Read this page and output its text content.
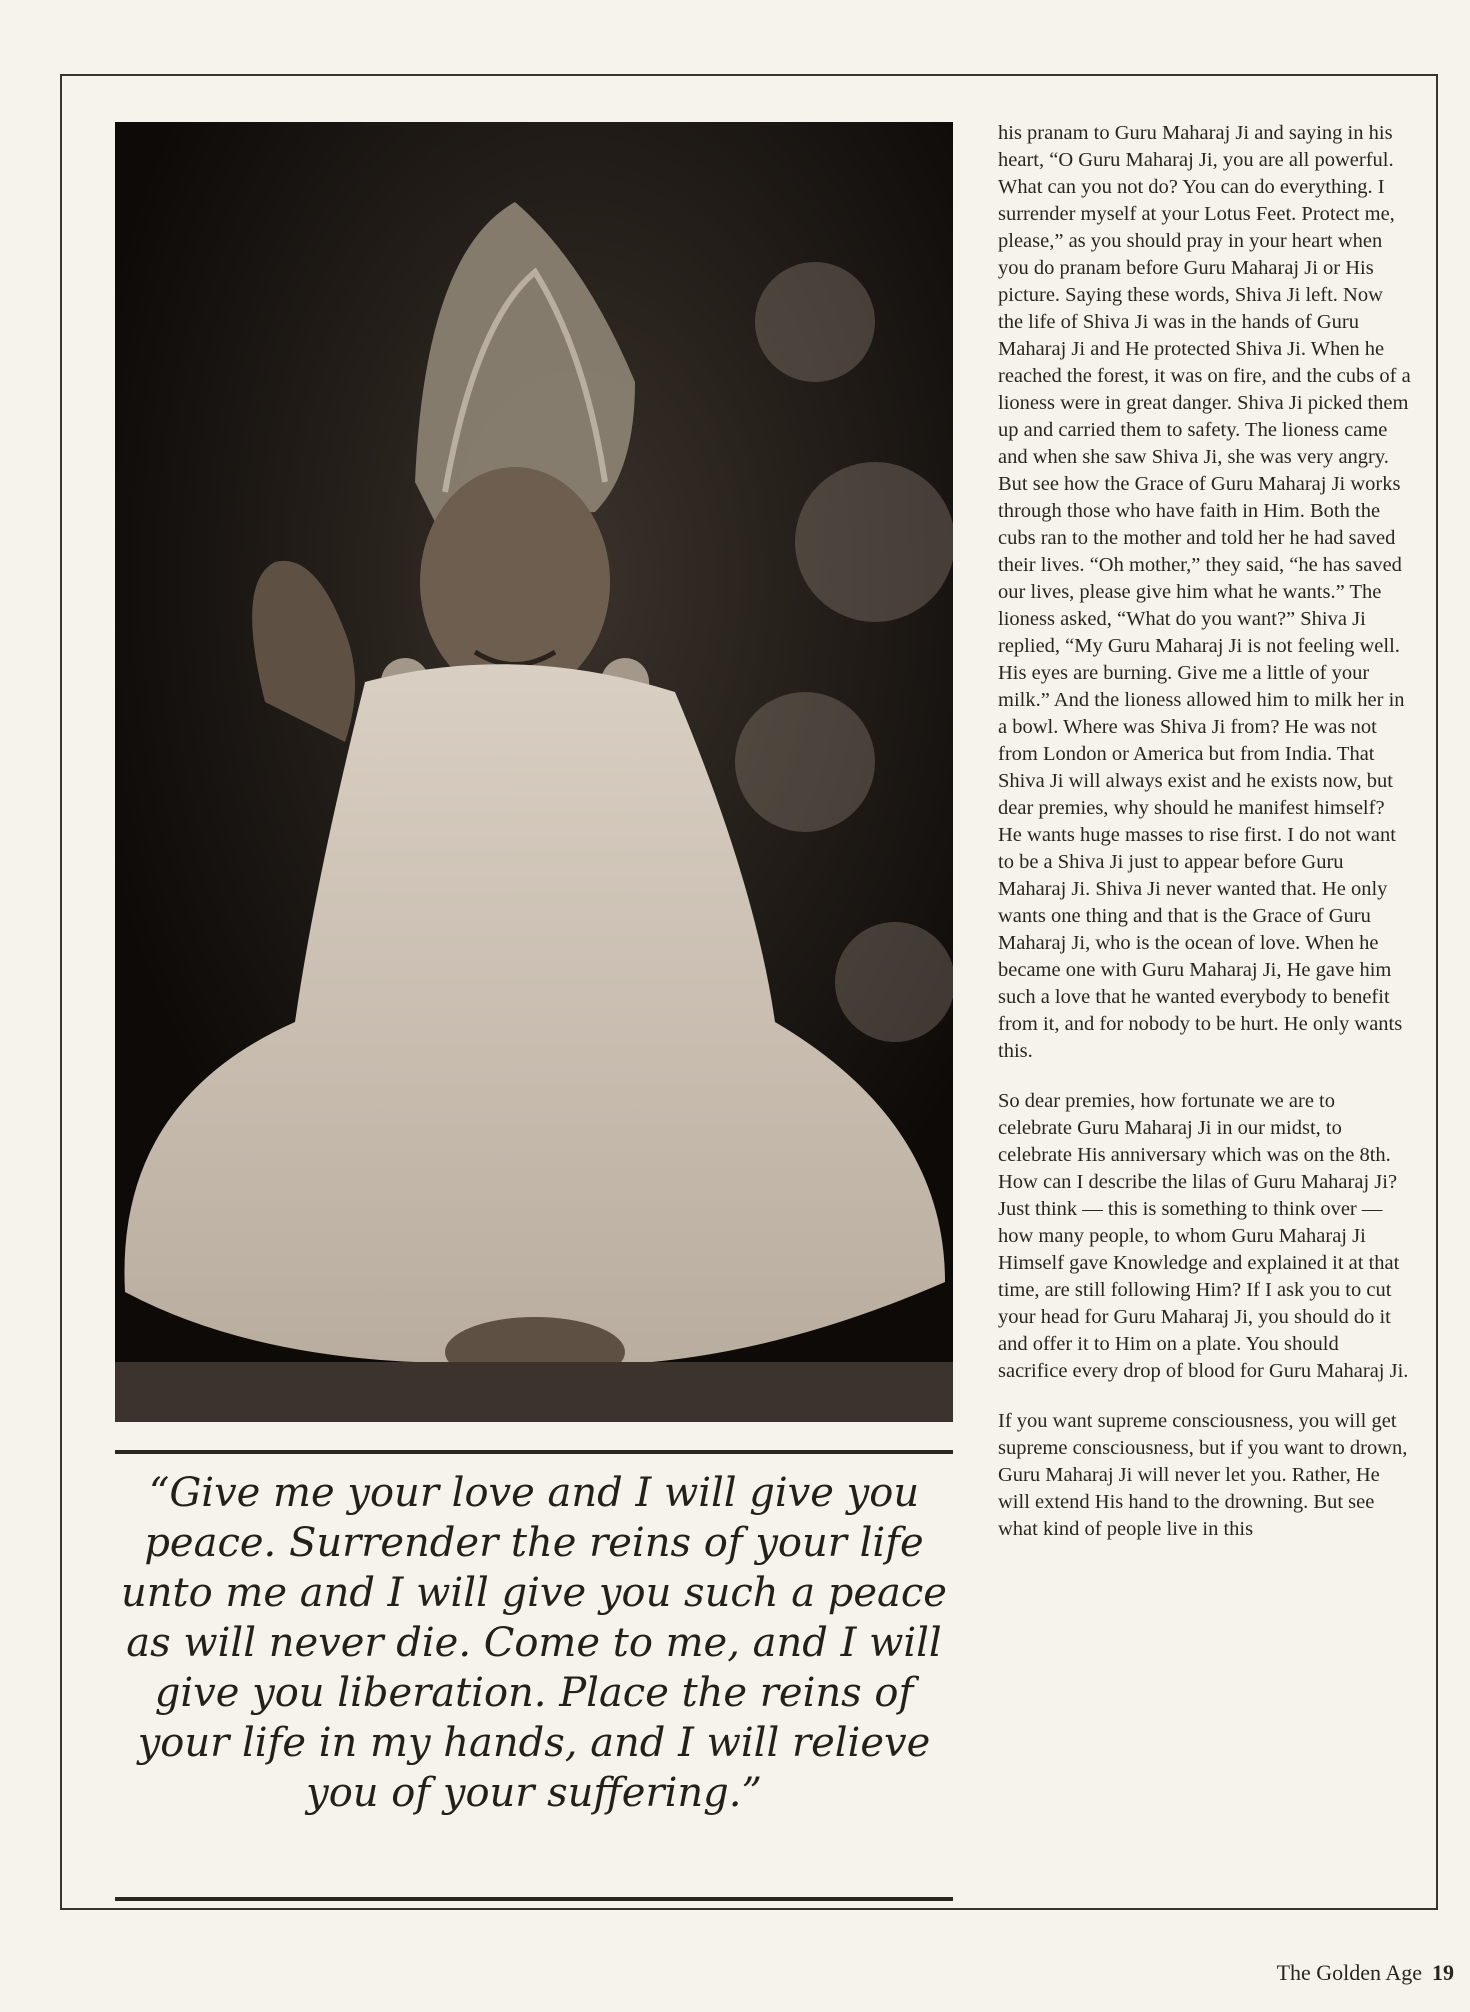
“Give me your love and I will give you peace. Surrender the reins of your life unto me and I will give you such a peace as will never die. Come to me, and I will give you liberation. Place the reins of your life in my hands, and I will relieve you of your suffering.”

his pranam to Guru Maharaj Ji and saying in his heart, “O Guru Maharaj Ji, you are all powerful. What can you not do? You can do everything. I surrender myself at your Lotus Feet. Protect me, please,” as you should pray in your heart when you do pranam before Guru Maharaj Ji or His picture. Saying these words, Shiva Ji left. Now the life of Shiva Ji was in the hands of Guru Maharaj Ji and He protected Shiva Ji. When he reached the forest, it was on fire, and the cubs of a lioness were in great danger. Shiva Ji picked them up and carried them to safety. The lioness came and when she saw Shiva Ji, she was very angry. But see how the Grace of Guru Maharaj Ji works through those who have faith in Him. Both the cubs ran to the mother and told her he had saved their lives. “Oh mother,” they said, “he has saved our lives, please give him what he wants.” The lioness asked, “What do you want?” Shiva Ji replied, “My Guru Maharaj Ji is not feeling well. His eyes are burning. Give me a little of your milk.” And the lioness allowed him to milk her in a bowl. Where was Shiva Ji from? He was not from London or America but from India. That Shiva Ji will always exist and he exists now, but dear premies, why should he manifest himself? He wants huge masses to rise first. I do not want to be a Shiva Ji just to appear before Guru Maharaj Ji. Shiva Ji never wanted that. He only wants one thing and that is the Grace of Guru Maharaj Ji, who is the ocean of love. When he became one with Guru Maharaj Ji, He gave him such a love that he wanted everybody to benefit from it, and for nobody to be hurt. He only wants this.

So dear premies, how fortunate we are to celebrate Guru Maharaj Ji in our midst, to celebrate His anniversary which was on the 8th. How can I describe the lilas of Guru Maharaj Ji? Just think — this is something to think over — how many people, to whom Guru Maharaj Ji Himself gave Knowledge and explained it at that time, are still following Him? If I ask you to cut your head for Guru Maharaj Ji, you should do it and offer it to Him on a plate. You should sacrifice every drop of blood for Guru Maharaj Ji.

If you want supreme consciousness, you will get supreme consciousness, but if you want to drown, Guru Maharaj Ji will never let you. Rather, He will extend His hand to the drowning. But see what kind of people live in this

The Golden Age 19
